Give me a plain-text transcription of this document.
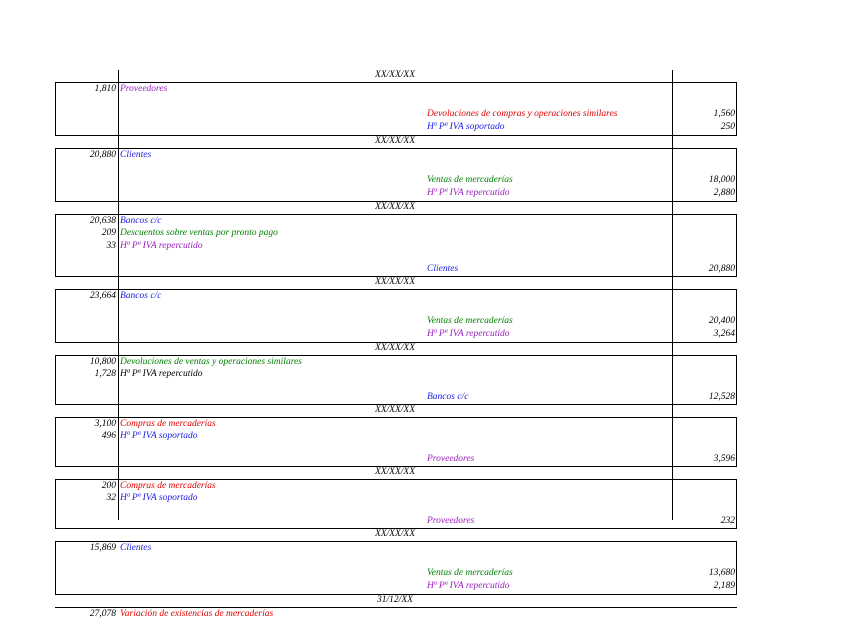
XX/XX/XX
1,810 Proveedores
Devoluciones de compras y operaciones similares	1,560
Hª Pª IVA soportado	250
XX/XX/XX
20,880 Clientes
Ventas de mercaderías	18,000
Hª Pª IVA repercutido	2,880
XX/XX/XX
20,638 Bancos c/c
209 Descuentos sobre ventas por pronto pago
33 Hª Pª IVA repercutido
Clientes	20,880
XX/XX/XX
23,664 Bancos c/c
Ventas de mercaderías	20,400
Hª Pª IVA repercutido	3,264
XX/XX/XX
10,800 Devoluciones de ventas y operaciones similares
1,728 Hª Pª IVA repercutido
Bancos c/c	12,528
XX/XX/XX
3,100 Compras de mercaderías
496 Hª Pª IVA soportado
Proveedores	3,596
XX/XX/XX
200 Compras de mercaderías
32 Hª Pª IVA soportado
Proveedores	232
XX/XX/XX
15,869 Clientes
Ventas de mercaderías	13,680
Hª Pª IVA repercutido	2,189
31/12/XX
27,078 Variación de existencias de mercaderías
